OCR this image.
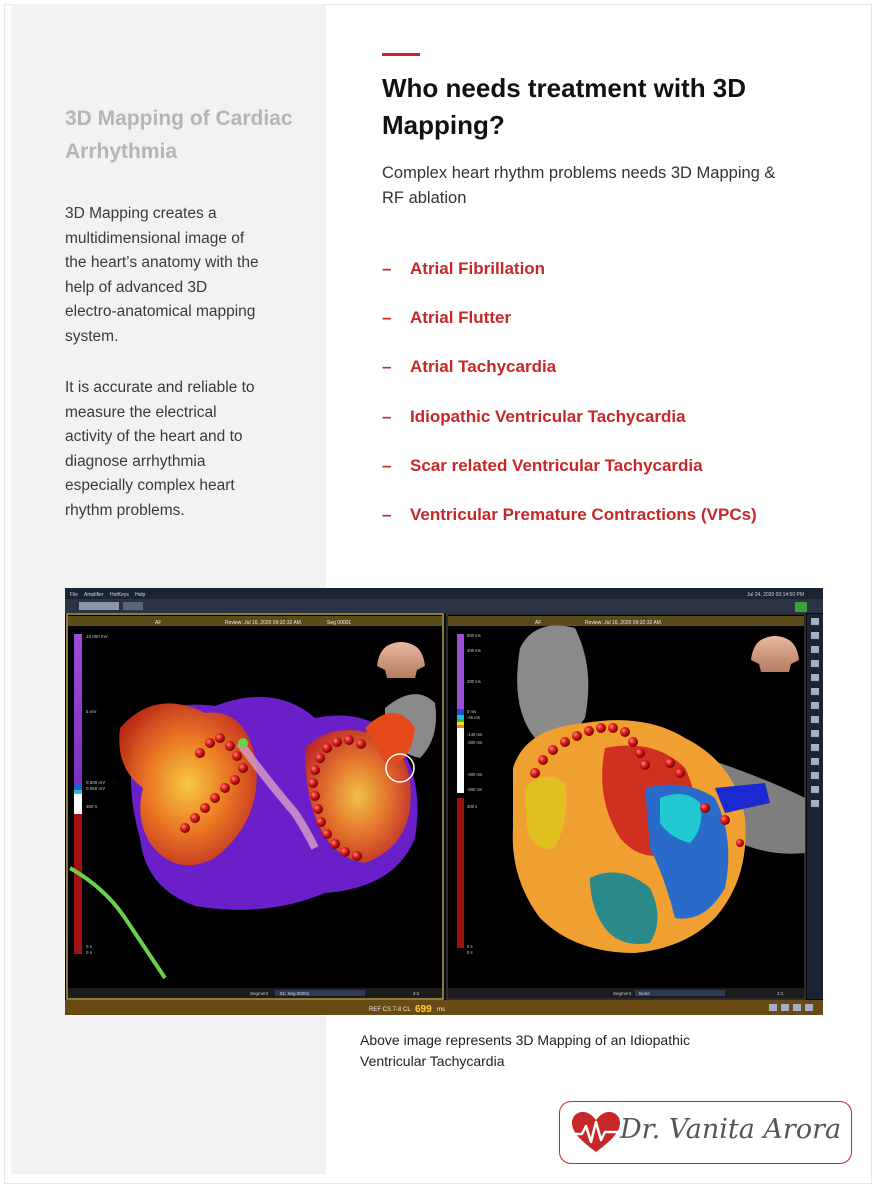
3D Mapping of Cardiac Arrhythmia

3D Mapping creates a multidimensional image of the heart’s anatomy with the help of advanced 3D electro-anatomical mapping system.

It is accurate and reliable to measure the electrical activity of the heart and to diagnose arrhythmia especially complex heart rhythm problems.

Who needs treatment with 3D Mapping?

Complex heart rhythm problems needs 3D Mapping & RF ablation

–	Atrial Fibrillation
–	Atrial Flutter
–	Atrial Tachycardia
–	Idiopathic Ventricular Tachycardia
–	Scar related Ventricular Tachycardia
–	Ventricular Premature Contractions (VPCs)
File Amplifier HotKeys Help	Jul 24, 2020 03:14:50 PM
AF	Review: Jul 16, 2020 09:32:32 AM	Seg 00001
10.000 mV
5 mV
0.500 mV
0.050 mV
300 s
0 s
0 s
Segment	01: Seg 00001	2:1
AF	Review: Jul 16, 2020 09:32:32 AM
500 ms
400 ms
200 ms
0 ms
-45 ms
-145 ms
-200 ms
-400 ms
-500 ms
300 s
0 s
0 s
Segment None	1:1
REF CS 7-8 CL 699 ms

Above image represents 3D Mapping of an Idiopathic Ventricular Tachycardia

Dr. Vanita Arora
